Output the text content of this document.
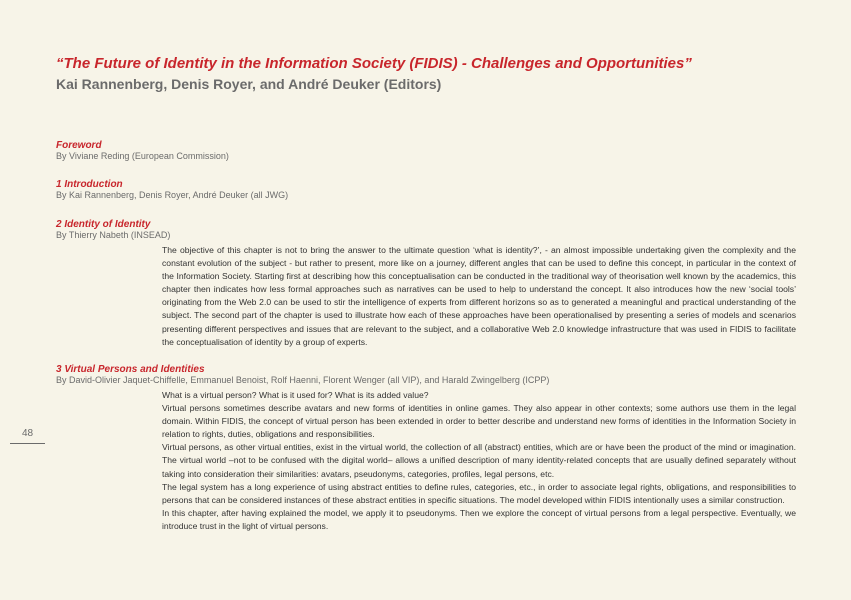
“The Future of Identity in the Information Society (FIDIS) - Challenges and Opportunities”
Kai Rannenberg, Denis Royer, and André Deuker (Editors)
Foreword
By Viviane Reding (European Commission)
1 Introduction
By Kai Rannenberg, Denis Royer, André Deuker (all JWG)
2 Identity of Identity
By Thierry Nabeth (INSEAD)

The objective of this chapter is not to bring the answer to the ultimate question ‘what is identity?’, - an almost impossible undertaking given the complexity and the constant evolution of the subject - but rather to present, more like on a journey, different angles that can be used to define this concept, in particular in the context of the Information Society. Starting first at describing how this conceptualisation can be conducted in the traditional way of theorisation well known by the academics, this chapter then indicates how less formal approaches such as narratives can be used to help to understand the concept. It also introduces how the new ‘social tools’ originating from the Web 2.0 can be used to stir the intelligence of experts from different horizons so as to generated a meaningful and practical understanding of the subject. The second part of the chapter is used to illustrate how each of these approaches have been operationalised by presenting a series of models and scenarios presenting different perspectives and issues that are relevant to the subject, and a collaborative Web 2.0 knowledge infrastructure that was used in FIDIS to facilitate the conceptualisation of identity by a group of experts.

3 Virtual Persons and Identities
By David-Olivier Jaquet-Chiffelle, Emmanuel Benoist, Rolf Haenni, Florent Wenger (all VIP), and Harald Zwingelberg (ICPP)

What is a virtual person? What is it used for? What is its added value?

Virtual persons sometimes describe avatars and new forms of identities in online games. They also appear in other contexts; some authors use them in the legal domain. Within FIDIS, the concept of virtual person has been extended in order to better describe and understand new forms of identities in the Information Society in relation to rights, duties, obligations and responsibilities.

Virtual persons, as other virtual entities, exist in the virtual world, the collection of all (abstract) entities, which are or have been the product of the mind or imagination. The virtual world –not to be confused with the digital world– allows a unified description of many identity-related concepts that are usually defined separately without taking into consideration their similarities: avatars, pseudonyms, categories, profiles, legal persons, etc.

The legal system has a long experience of using abstract entities to define rules, categories, etc., in order to associate legal rights, obligations, and responsibilities to persons that can be considered instances of these abstract entities in specific situations. The model developed within FIDIS intentionally uses a similar construction.

In this chapter, after having explained the model, we apply it to pseudonyms. Then we explore the concept of virtual persons from a legal perspective. Eventually, we introduce trust in the light of virtual persons.

48
